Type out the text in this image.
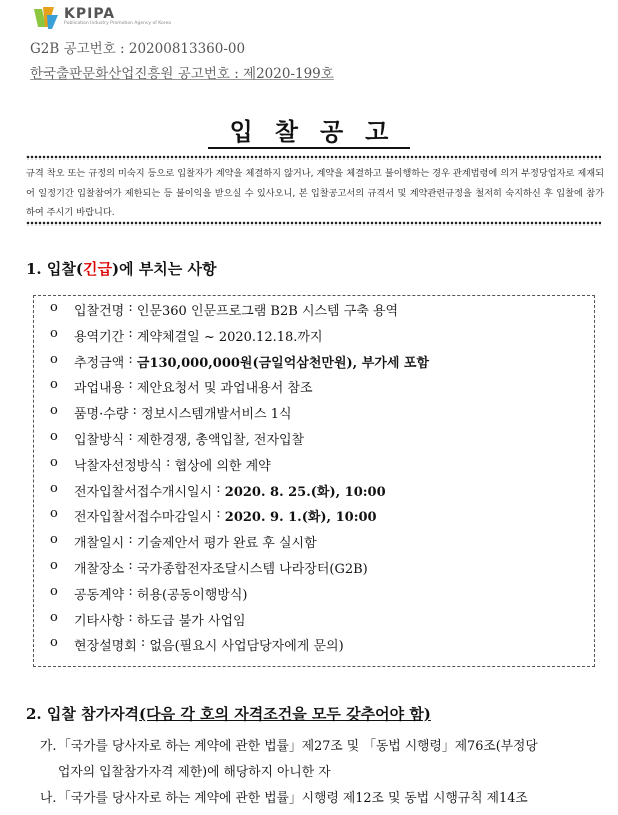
KPIPA
Publication Industry Promotion Agency of Korea
G2B 공고번호 : 20200813360-00
한국출판문화산업진흥원 공고번호 : 제2020-199호
입찰공고
규격 착오 또는 규정의 미숙지 등으로 입찰자가 계약을 체결하지 않거나, 계약을 체결하고 불이행하는 경우 관계법령에 의거 부정당업자로 제재되어 일정기간 입찰참여가 제한되는 등 불이익을 받으실 수 있사오니, 본 입찰공고서의 규격서 및 계약관련규정을 철저히 숙지하신 후 입찰에 참가하여 주시기 바랍니다.
1. 입찰(긴급)에 부치는 사항
ο	입찰건명 : 인문360 인문프로그램 B2B 시스템 구축 용역
ο	용역기간 : 계약체결일 ~ 2020.12.18.까지
ο	추정금액 : 금130,000,000원(금일억삼천만원), 부가세 포함
ο	과업내용 : 제안요청서 및 과업내용서 참조
ο	품명·수량 : 정보시스템개발서비스 1식
ο	입찰방식 : 제한경쟁, 총액입찰, 전자입찰
ο	낙찰자선정방식 : 협상에 의한 계약
ο	전자입찰서접수개시일시 : 2020. 8. 25.(화), 10:00
ο	전자입찰서접수마감일시 : 2020. 9. 1.(화), 10:00
ο	개찰일시 : 기술제안서 평가 완료 후 실시함
ο	개찰장소 : 국가종합전자조달시스템 나라장터(G2B)
ο	공동계약 : 허용(공동이행방식)
ο	기타사항 : 하도급 불가 사업임
ο	현장설명회 : 없음(필요시 사업담당자에게 문의)
2. 입찰 참가자격(다음 각 호의 자격조건을 모두 갖추어야 함)
가. 「국가를 당사자로 하는 계약에 관한 법률」제27조 및 「동법 시행령」제76조(부정당
업자의 입찰참가자격 제한)에 해당하지 아니한 자
나. 「국가를 당사자로 하는 계약에 관한 법률」시행령 제12조 및 동법 시행규칙 제14조
